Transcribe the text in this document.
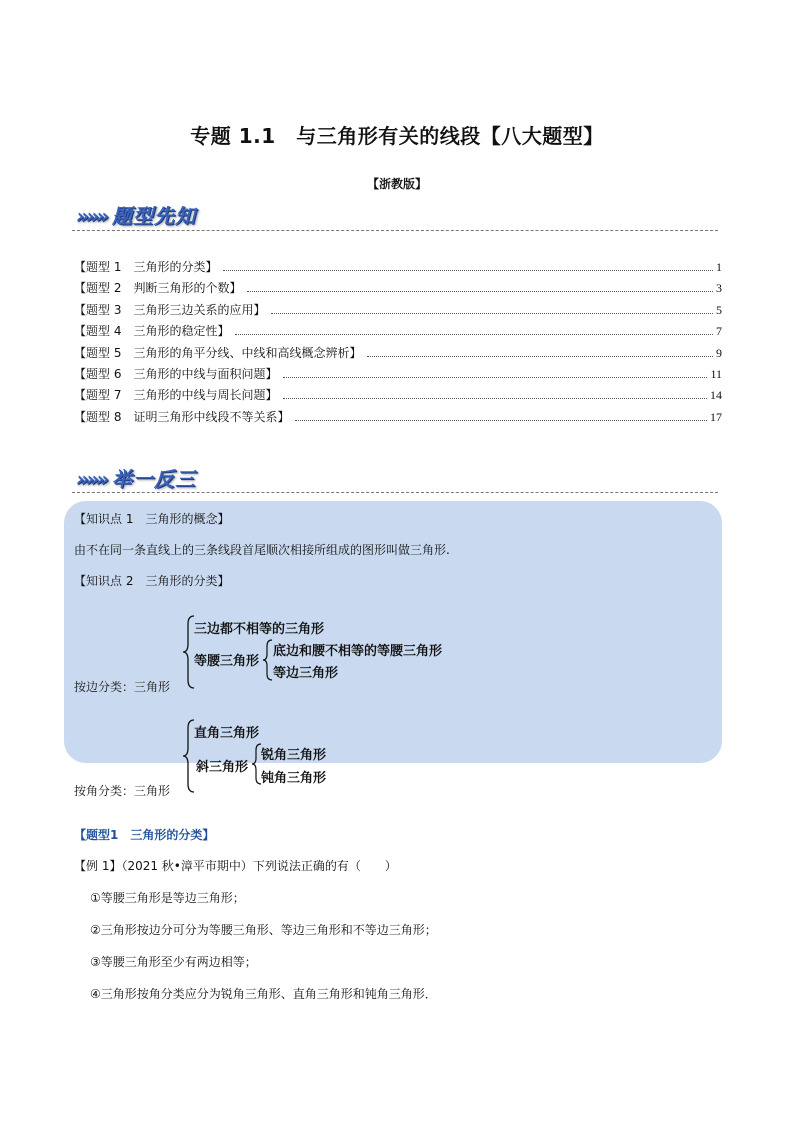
专题 1.1　与三角形有关的线段【八大题型】
【浙教版】
»»» 题型先知
【题型 1　三角形的分类】	1
【题型 2　判断三角形的个数】	3
【题型 3　三角形三边关系的应用】	5
【题型 4　三角形的稳定性】	7
【题型 5　三角形的角平分线、中线和高线概念辨析】	9
【题型 6　三角形的中线与面积问题】	11
【题型 7　三角形的中线与周长问题】	14
【题型 8　证明三角形中线段不等关系】	17
»»» 举一反三
【知识点 1　三角形的概念】
由不在同一条直线上的三条线段首尾顺次相接所组成的图形叫做三角形.
【知识点 2　三角形的分类】
按边分类：三角形
三边都不相等的三角形
等腰三角形
底边和腰不相等的等腰三角形
等边三角形
按角分类：三角形
直角三角形
斜三角形
锐角三角形
钝角三角形
【题型1　三角形的分类】
【例 1】（2021 秋•漳平市期中）下列说法正确的有（　　）
①等腰三角形是等边三角形；
②三角形按边分可分为等腰三角形、等边三角形和不等边三角形；
③等腰三角形至少有两边相等；
④三角形按角分类应分为锐角三角形、直角三角形和钝角三角形．
